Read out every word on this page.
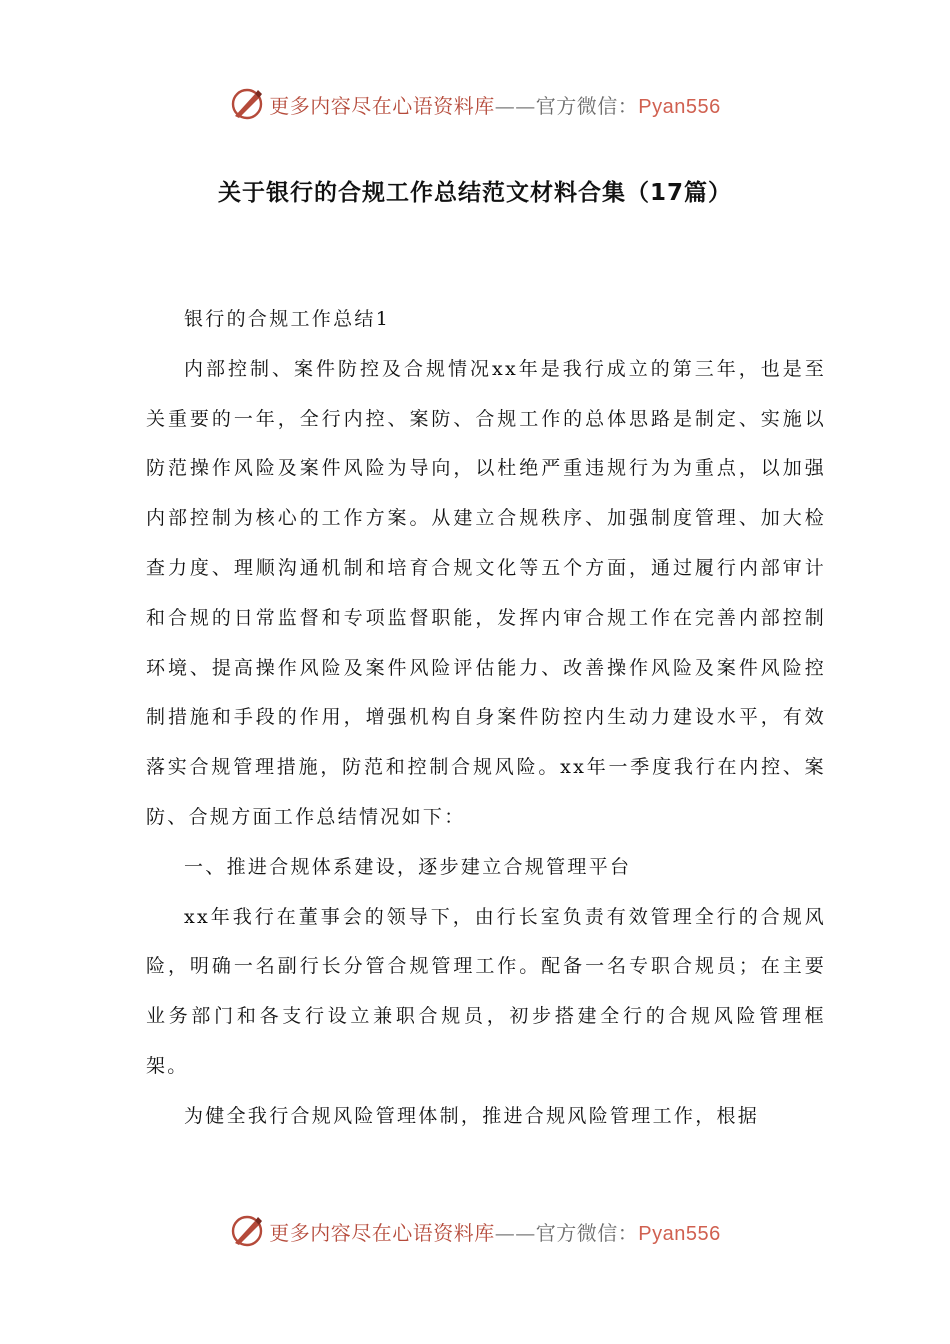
更多内容尽在心语资料库——官方微信：Pyan556
关于银行的合规工作总结范文材料合集（17篇）

银行的合规工作总结1

内部控制、案件防控及合规情况xx年是我行成立的第三年，也是至关重要的一年，全行内控、案防、合规工作的总体思路是制定、实施以防范操作风险及案件风险为导向，以杜绝严重违规行为为重点，以加强内部控制为核心的工作方案。从建立合规秩序、加强制度管理、加大检查力度、理顺沟通机制和培育合规文化等五个方面，通过履行内部审计和合规的日常监督和专项监督职能，发挥内审合规工作在完善内部控制环境、提高操作风险及案件风险评估能力、改善操作风险及案件风险控制措施和手段的作用，增强机构自身案件防控内生动力建设水平，有效落实合规管理措施，防范和控制合规风险。xx年一季度我行在内控、案防、合规方面工作总结情况如下：

一、推进合规体系建设，逐步建立合规管理平台

xx年我行在董事会的领导下，由行长室负责有效管理全行的合规风险，明确一名副行长分管合规管理工作。配备一名专职合规员；在主要业务部门和各支行设立兼职合规员，初步搭建全行的合规风险管理框架。

为健全我行合规风险管理体制，推进合规风险管理工作，根据

更多内容尽在心语资料库——官方微信：Pyan556
